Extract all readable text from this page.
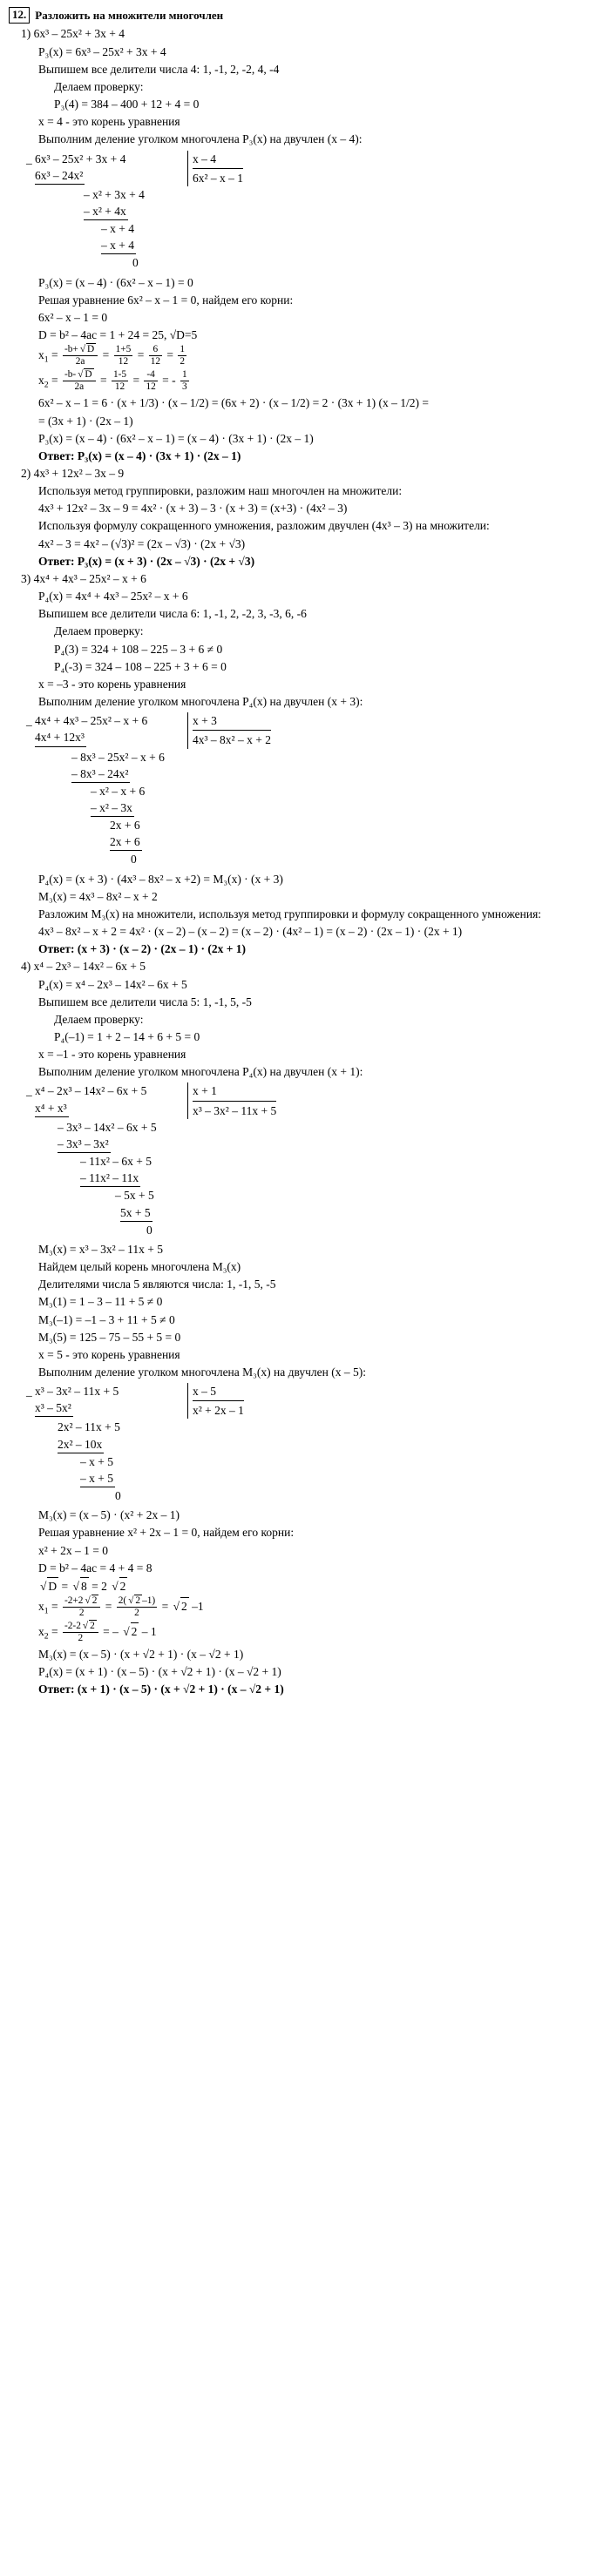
12. Разложить на множители многочлен
1) 6x³ – 25x² + 3x + 4
P₃(x) = 6x³ – 25x² + 3x + 4
Выпишем все делители числа 4: 1, -1, 2, -2, 4, -4
Делаем проверку:
P₃(4) = 384 – 400 + 12 + 4 = 0
x = 4 - это корень уравнения
Выполним деление уголком многочлена P₃(x) на двучлен (x – 4):
_ 6x³ – 25x² + 3x + 4
6x³ – 24x²
x – 4
6x² – x – 1
– x² + 3x + 4
– x² + 4x
– x + 4
– x + 4
0
P₃(x) = (x – 4) · (6x² – x – 1) = 0
Решая уравнение 6x² – x – 1 = 0, найдем его корни:
6x² – x – 1 = 0
D = b² – 4ac = 1 + 24 = 25, √D=5
$x_1 = \frac{-b+ √ D}{2a} = \frac{1+5}{12} = \frac{6}{12} = \frac{1}{2}$
$x_2 = \frac{-b- √ D}{2a} = \frac{1-5}{12} = \frac{-4}{12}$ = - $\frac{1}{3}$
6x² – x – 1 = 6 · (x + 1/3) · (x – 1/2) = (6x + 2) · (x – 1/2) = 2 · (3x + 1) (x – 1/2) =
= (3x + 1) · (2x – 1)
P₃(x) = (x – 4) · (6x² – x – 1) = (x – 4) · (3x + 1) · (2x – 1)
Ответ: P₃(x) = (x – 4) · (3x + 1) · (2x – 1)
2) 4x³ + 12x² – 3x – 9
Используя метод группировки, разложим наш многочлен на множители:
4x³ + 12x² – 3x – 9 = 4x² · (x + 3) – 3 · (x + 3) = (x+3) · (4x² – 3)
Используя формулу сокращенного умножения, разложим двучлен (4x³ – 3) на множители:
4x² – 3 = 4x² – (√3)² = (2x – √3) · (2x + √3)
Ответ: P₃(x) = (x + 3) · (2x – √3) · (2x + √3)
3) 4x⁴ + 4x³ – 25x² – x + 6
P₄(x) = 4x⁴ + 4x³ – 25x² – x + 6
Выпишем все делители числа 6: 1, -1, 2, -2, 3, -3, 6, -6
Делаем проверку:
P₄(3) = 324 + 108 – 225 – 3 + 6 ≠ 0
P₄(-3) = 324 – 108 – 225 + 3 + 6 = 0
x = –3 - это корень уравнения
Выполним деление уголком многочлена P₄(x) на двучлен (x + 3):
_ 4x⁴ + 4x³ – 25x² – x + 6
4x⁴ + 12x³
x + 3
4x³ – 8x² – x + 2
– 8x³ – 25x² – x + 6
– 8x³ – 24x²
– x² – x + 6
– x² – 3x
2x + 6
2x + 6
0
P₄(x) = (x + 3) · (4x³ – 8x² – x +2) = M₃(x) · (x + 3)
M₃(x) = 4x³ – 8x² – x + 2
Разложим M₃(x) на множители, используя метод группировки и формулу сокращенного умножения:
4x³ – 8x² – x + 2 = 4x² · (x – 2) – (x – 2) = (x – 2) · (4x² – 1) = (x – 2) · (2x – 1) · (2x + 1)
Ответ: (x + 3) · (x – 2) · (2x – 1) · (2x + 1)
4) x⁴ – 2x³ – 14x² – 6x + 5
P₄(x) = x⁴ – 2x³ – 14x² – 6x + 5
Выпишем все делители числа 5: 1, -1, 5, -5
Делаем проверку:
P₄(–1) = 1 + 2 – 14 + 6 + 5 = 0
x = –1 - это корень уравнения
Выполним деление уголком многочлена P₄(x) на двучлен (x + 1):
_ x⁴ – 2x³ – 14x² – 6x + 5
x⁴ + x³
x + 1
x³ – 3x² – 11x + 5
– 3x³ – 14x² – 6x + 5
– 3x³ – 3x²
– 11x² – 6x + 5
– 11x² – 11x
– 5x + 5
5x + 5
0
M₃(x) = x³ – 3x² – 11x + 5
Найдем целый корень многочлена M₃(x)
Делителями числа 5 являются числа: 1, -1, 5, -5
M₃(1) = 1 – 3 – 11 + 5 ≠ 0
M₃(–1) = –1 – 3 + 11 + 5 ≠ 0
M₃(5) = 125 – 75 – 55 + 5 = 0
x = 5 - это корень уравнения
Выполним деление уголком многочлена M₃(x) на двучлен (x – 5):
_ x³ – 3x² – 11x + 5
x³ – 5x²
x – 5
x² + 2x – 1
2x² – 11x + 5
2x² – 10x
– x + 5
– x + 5
0
M₃(x) = (x – 5) · (x² + 2x – 1)
Решая уравнение x² + 2x – 1 = 0, найдем его корни:
x² + 2x – 1 = 0
D = b² – 4ac = 4 + 4 = 8
√ D = √ 8 = 2 √ 2
$x_1 = \frac{-2+2 √ 2}{2} = \frac{2( √ 2 -1)}{2}$ = √ 2 –1
$x_2 = \frac{-2-2 √ 2}{2}$ = – √ 2 – 1
M₃(x) = (x – 5) · (x + √2 + 1) · (x – √2 + 1)
P₄(x) = (x + 1) · (x – 5) · (x + √2 + 1) · (x – √2 + 1)
Ответ: (x + 1) · (x – 5) · (x + √2 + 1) · (x – √2 + 1)
